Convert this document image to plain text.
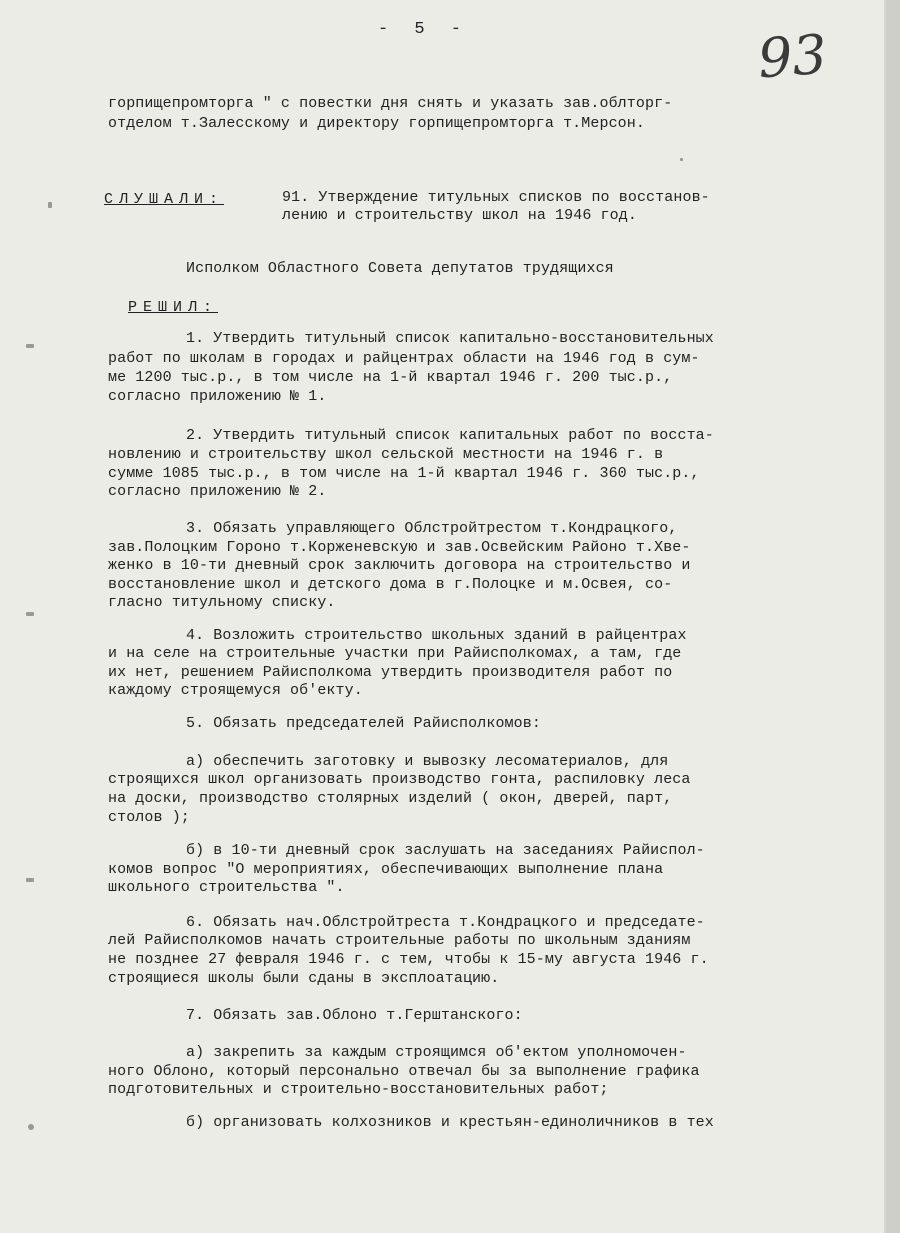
- 5 -	93
горпищепромторга " с повестки дня снять и указать зав.облторг-
отделом т.Залесскому и директору горпищепромторга т.Мерсон.
СЛУШАЛИ:	91. Утверждение титульных списков по восстанов-
лению и строительству школ на 1946 год.
Исполком Областного Совета депутатов трудящихся
РЕШИЛ:
1. Утвердить титульный список капитально-восстановительных
работ по школам в городах и райцентрах области на 1946 год в сум-
ме 1200 тыс.р., в том числе на 1-й квартал 1946 г. 200 тыс.р.,
согласно приложению № 1.
2. Утвердить титульный список капитальных работ по восста-
новлению и строительству школ сельской местности на 1946 г. в
сумме 1085 тыс.р., в том числе на 1-й квартал 1946 г. 360 тыс.р.,
согласно приложению № 2.
3. Обязать управляющего Облстройтрестом т.Кондрацкого,
зав.Полоцким Гороно т.Корженевскую и зав.Освейским Районо т.Хве-
женко в 10-ти дневный срок заключить договора на строительство и
восстановление школ и детского дома в г.Полоцке и м.Освея, со-
гласно титульному списку.
4. Возложить строительство школьных зданий в райцентрах
и на селе на строительные участки при Райисполкомах, а там, где
их нет, решением Райисполкома утвердить производителя работ по
каждому строящемуся об'екту.
5. Обязать председателей Райисполкомов:
а) обеспечить заготовку и вывозку лесоматериалов, для
строящихся школ организовать производство гонта, распиловку леса
на доски, производство столярных изделий ( окон, дверей, парт,
столов );
б) в 10-ти дневный срок заслушать на заседаниях Райиспол-
комов вопрос "О мероприятиях, обеспечивающих выполнение плана
школьного строительства ".
6. Обязать нач.Облстройтреста т.Кондрацкого и председате-
лей Райисполкомов начать строительные работы по школьным зданиям
не позднее 27 февраля 1946 г. с тем, чтобы к 15-му августа 1946 г.
строящиеся школы были сданы в эксплоатацию.
7. Обязать зав.Облоно т.Герштанского:
а) закрепить за каждым строящимся об'ектом уполномочен-
ного Облоно, который персонально отвечал бы за выполнение графика
подготовительных и строительно-восстановительных работ;
б) организовать колхозников и крестьян-единоличников в тех
